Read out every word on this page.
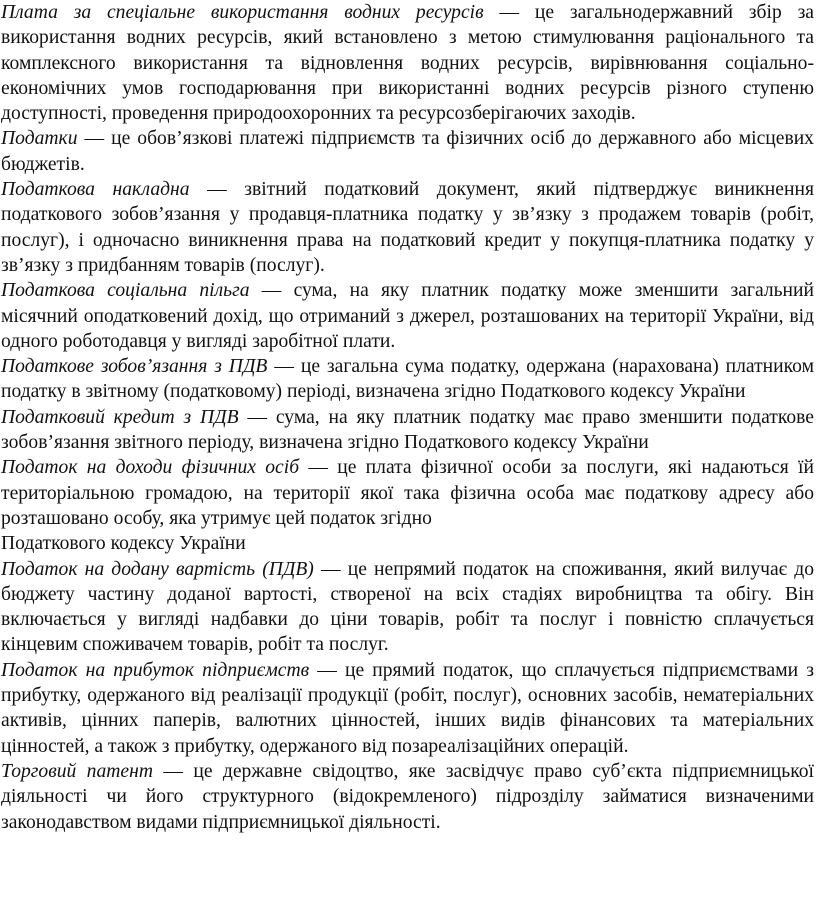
Плата за спеціальне використання водних ресурсів — це загальнодержавний збір за використання водних ресурсів, який встановлено з метою стимулювання раціонального та комплексного використання та відновлення водних ресурсів, вирівнювання соціально-економічних умов господарювання при використанні водних ресурсів різного ступеню доступності, проведення природоохоронних та ресурсозберігаючих заходів.

Податки — це обов’язкові платежі підприємств та фізичних осіб до державного або місцевих бюджетів.

Податкова накладна — звітний податковий документ, який підтверджує виникнення податкового зобов’язання у продавця-платника податку у зв’язку з продажем товарів (робіт, послуг), і одночасно виникнення права на податковий кредит у покупця-платника податку у зв’язку з придбанням товарів (послуг).

Податкова соціальна пільга — сума, на яку платник податку може зменшити загальний місячний оподатковений дохід, що отриманий з джерел, розташованих на території України, від одного роботодавця у вигляді заробітної плати.

Податкове зобов’язання з ПДВ — це загальна сума податку, одержана (нарахована) платником податку в звітному (податковому) періоді, визначена згідно Податкового кодексу України

Податковий кредит з ПДВ — сума, на яку платник податку має право зменшити податкове зобов’язання звітного періоду, визначена згідно Податкового кодексу України

Податок на доходи фізичних осіб — це плата фізичної особи за послуги, які надаються їй територіальною громадою, на території якої така фізична особа має податкову адресу або розташовано особу, яка утримує цей податок згідно

Податкового кодексу України

Податок на додану вартість (ПДВ) — це непрямий податок на споживання, який вилучає до бюджету частину доданої вартості, створеної на всіх стадіях виробництва та обігу. Він включається у вигляді надбавки до ціни товарів, робіт та послуг і повністю сплачується кінцевим споживачем товарів, робіт та послуг.

Податок на прибуток підприємств — це прямий податок, що сплачується підприємствами з прибутку, одержаного від реалізації продукції (робіт, послуг), основних засобів, нематеріальних активів, цінних паперів, валютних цінностей, інших видів фінансових та матеріальних цінностей, а також з прибутку, одержаного від позареалізаційних операцій.

Торговий патент — це державне свідоцтво, яке засвідчує право суб’єкта підприємницької діяльності чи його структурного (відокремленого) підрозділу займатися визначеними законодавством видами підприємницької діяльності.
